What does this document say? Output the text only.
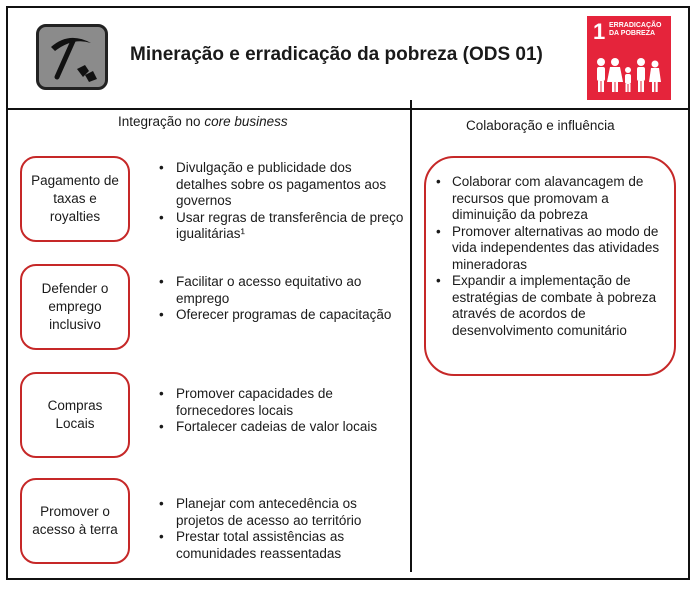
Mineração e erradicação da pobreza (ODS 01)
1 ERRADICAÇÃO DA POBREZA
Integração no core business	Colaboração e influência
Pagamento de taxas e royalties
• Divulgação e publicidade dos detalhes sobre os pagamentos aos governos
• Usar regras de transferência de preço igualitárias¹
Defender o emprego inclusivo
• Facilitar o acesso equitativo ao emprego
• Oferecer programas de capacitação
Compras Locais
• Promover capacidades de fornecedores locais
• Fortalecer cadeias de valor locais
Promover o acesso à terra
• Planejar com antecedência os projetos de acesso ao território
• Prestar total assistências as comunidades reassentadas
• Colaborar com alavancagem de recursos que promovam a diminuição da pobreza
• Promover alternativas ao modo de vida independentes das atividades mineradoras
• Expandir a implementação de estratégias de combate à pobreza através de acordos de desenvolvimento comunitário
